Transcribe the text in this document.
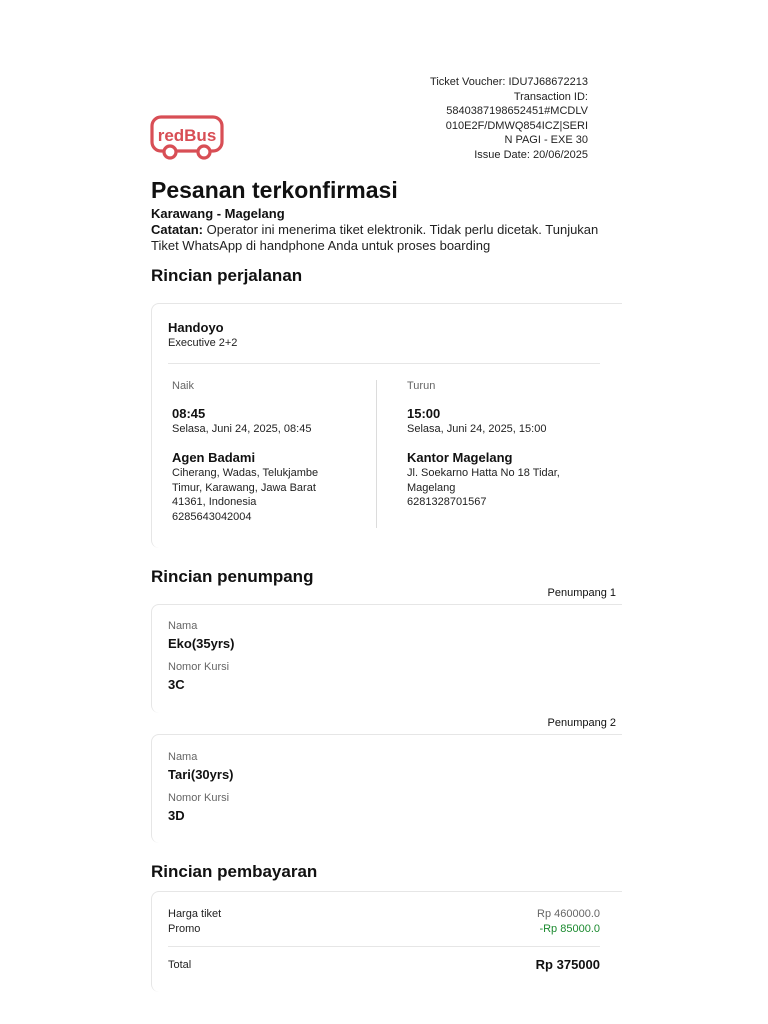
Ticket Voucher: IDU7J68672213
Transaction ID:
5840387198652451#MCDLV
010E2F/DMWQ854ICZ|SERI
N PAGI - EXE 30
Issue Date: 20/06/2025
redBus
Pesanan terkonfirmasi
Karawang - Magelang
Catatan: Operator ini menerima tiket elektronik. Tidak perlu dicetak. Tunjukan Tiket WhatsApp di handphone Anda untuk proses boarding
Rincian perjalanan
Handoyo
Executive 2+2
Naik
08:45
Selasa, Juni 24, 2025, 08:45
Agen Badami
Ciherang, Wadas, Telukjambe
Timur, Karawang, Jawa Barat
41361, Indonesia
6285643042004
Turun
15:00
Selasa, Juni 24, 2025, 15:00
Kantor Magelang
Jl. Soekarno Hatta No 18 Tidar,
Magelang
6281328701567
Rincian penumpang
Penumpang 1
Nama
Eko(35yrs)
Nomor Kursi
3C
Penumpang 2
Nama
Tari(30yrs)
Nomor Kursi
3D
Rincian pembayaran
Harga tiket	Rp 460000.0
Promo	-Rp 85000.0
Total	Rp 375000
